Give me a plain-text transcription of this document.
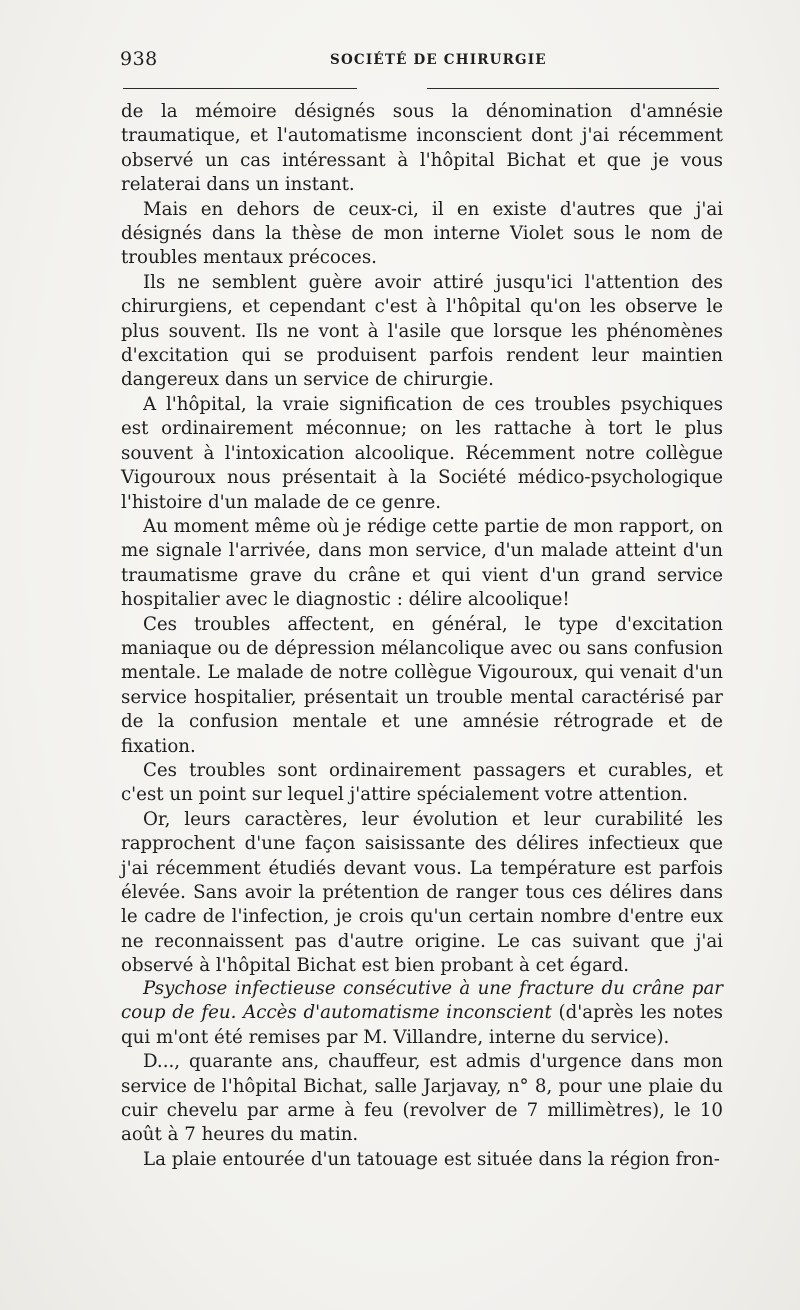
938	SOCIÉTÉ DE CHIRURGIE

de la mémoire désignés sous la dénomination d'amnésie traumatique, et l'automatisme inconscient dont j'ai récemment observé un cas intéressant à l'hôpital Bichat et que je vous relaterai dans un instant.

Mais en dehors de ceux-ci, il en existe d'autres que j'ai désignés dans la thèse de mon interne Violet sous le nom de troubles mentaux précoces.

Ils ne semblent guère avoir attiré jusqu'ici l'attention des chirurgiens, et cependant c'est à l'hôpital qu'on les observe le plus souvent. Ils ne vont à l'asile que lorsque les phénomènes d'excitation qui se produisent parfois rendent leur maintien dangereux dans un service de chirurgie.

A l'hôpital, la vraie signification de ces troubles psychiques est ordinairement méconnue; on les rattache à tort le plus souvent à l'intoxication alcoolique. Récemment notre collègue Vigouroux nous présentait à la Société médico-psychologique l'histoire d'un malade de ce genre.

Au moment même où je rédige cette partie de mon rapport, on me signale l'arrivée, dans mon service, d'un malade atteint d'un traumatisme grave du crâne et qui vient d'un grand service hospitalier avec le diagnostic : délire alcoolique!

Ces troubles affectent, en général, le type d'excitation maniaque ou de dépression mélancolique avec ou sans confusion mentale. Le malade de notre collègue Vigouroux, qui venait d'un service hospitalier, présentait un trouble mental caractérisé par de la confusion mentale et une amnésie rétrograde et de fixation.

Ces troubles sont ordinairement passagers et curables, et c'est un point sur lequel j'attire spécialement votre attention.

Or, leurs caractères, leur évolution et leur curabilité les rapprochent d'une façon saisissante des délires infectieux que j'ai récemment étudiés devant vous. La température est parfois élevée. Sans avoir la prétention de ranger tous ces délires dans le cadre de l'infection, je crois qu'un certain nombre d'entre eux ne reconnaissent pas d'autre origine. Le cas suivant que j'ai observé à l'hôpital Bichat est bien probant à cet égard.

Psychose infectieuse consécutive à une fracture du crâne par coup de feu. Accès d'automatisme inconscient (d'après les notes qui m'ont été remises par M. Villandre, interne du service).

D..., quarante ans, chauffeur, est admis d'urgence dans mon service de l'hôpital Bichat, salle Jarjavay, n° 8, pour une plaie du cuir chevelu par arme à feu (revolver de 7 millimètres), le 10 août à 7 heures du matin.

La plaie entourée d'un tatouage est située dans la région fron-
